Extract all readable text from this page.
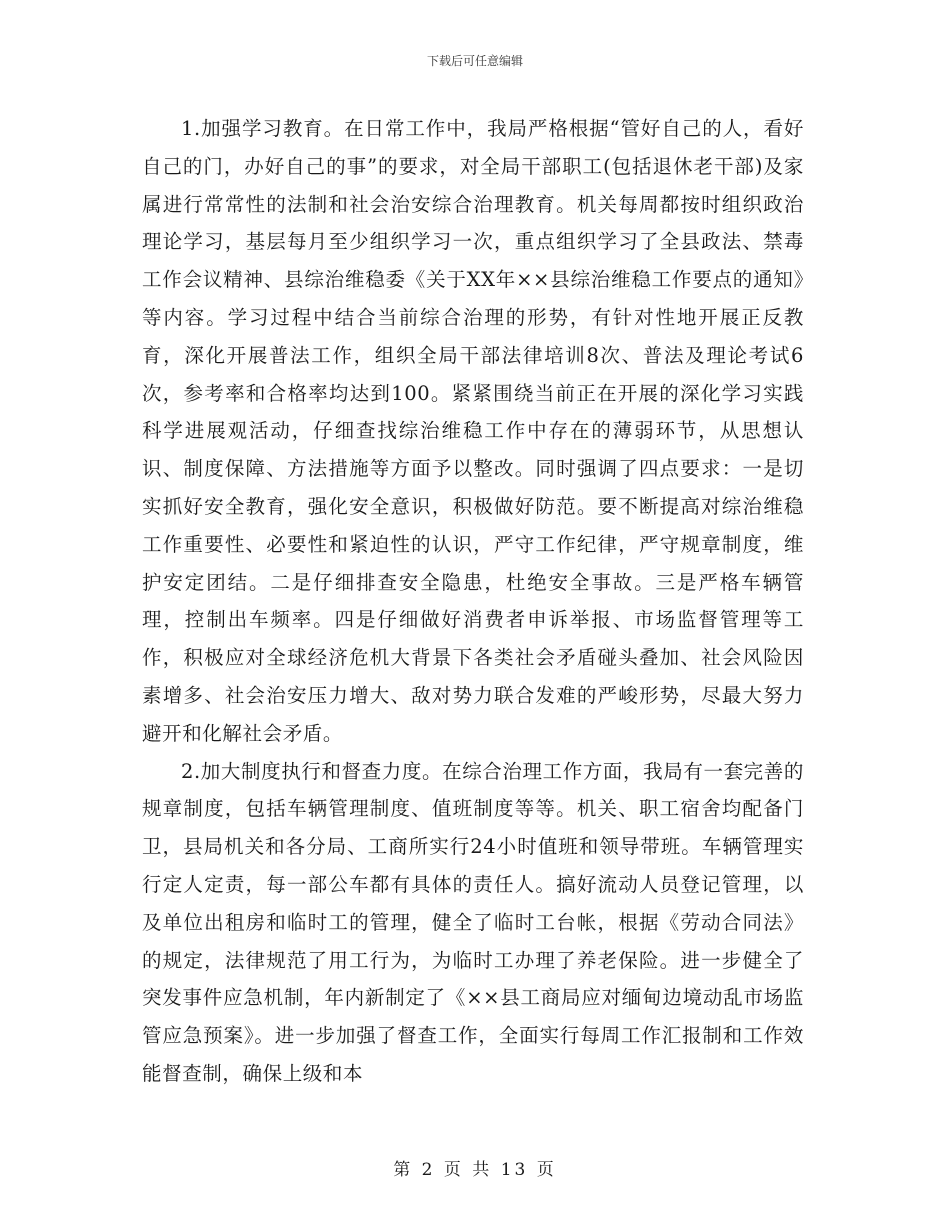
下载后可任意编辑

1.加强学习教育。在日常工作中，我局严格根据“管好自己的人，看好自己的门，办好自己的事”的要求，对全局干部职工(包括退休老干部)及家属进行常常性的法制和社会治安综合治理教育。机关每周都按时组织政治理论学习，基层每月至少组织学习一次，重点组织学习了全县政法、禁毒工作会议精神、县综治维稳委《关于XX年××县综治维稳工作要点的通知》等内容。学习过程中结合当前综合治理的形势，有针对性地开展正反教育，深化开展普法工作，组织全局干部法律培训8次、普法及理论考试6次，参考率和合格率均达到100。紧紧围绕当前正在开展的深化学习实践科学进展观活动，仔细查找综治维稳工作中存在的薄弱环节，从思想认识、制度保障、方法措施等方面予以整改。同时强调了四点要求：一是切实抓好安全教育，强化安全意识，积极做好防范。要不断提高对综治维稳工作重要性、必要性和紧迫性的认识，严守工作纪律，严守规章制度，维护安定团结。二是仔细排查安全隐患，杜绝安全事故。三是严格车辆管理，控制出车频率。四是仔细做好消费者申诉举报、市场监督管理等工作，积极应对全球经济危机大背景下各类社会矛盾碰头叠加、社会风险因素增多、社会治安压力增大、敌对势力联合发难的严峻形势，尽最大努力避开和化解社会矛盾。

2.加大制度执行和督查力度。在综合治理工作方面，我局有一套完善的规章制度，包括车辆管理制度、值班制度等等。机关、职工宿舍均配备门卫，县局机关和各分局、工商所实行24小时值班和领导带班。车辆管理实行定人定责，每一部公车都有具体的责任人。搞好流动人员登记管理，以及单位出租房和临时工的管理，健全了临时工台帐，根据《劳动合同法》的规定，法律规范了用工行为，为临时工办理了养老保险。进一步健全了突发事件应急机制，年内新制定了《××县工商局应对缅甸边境动乱市场监管应急预案》。进一步加强了督查工作，全面实行每周工作汇报制和工作效能督查制，确保上级和本

第 2 页 共 13 页
